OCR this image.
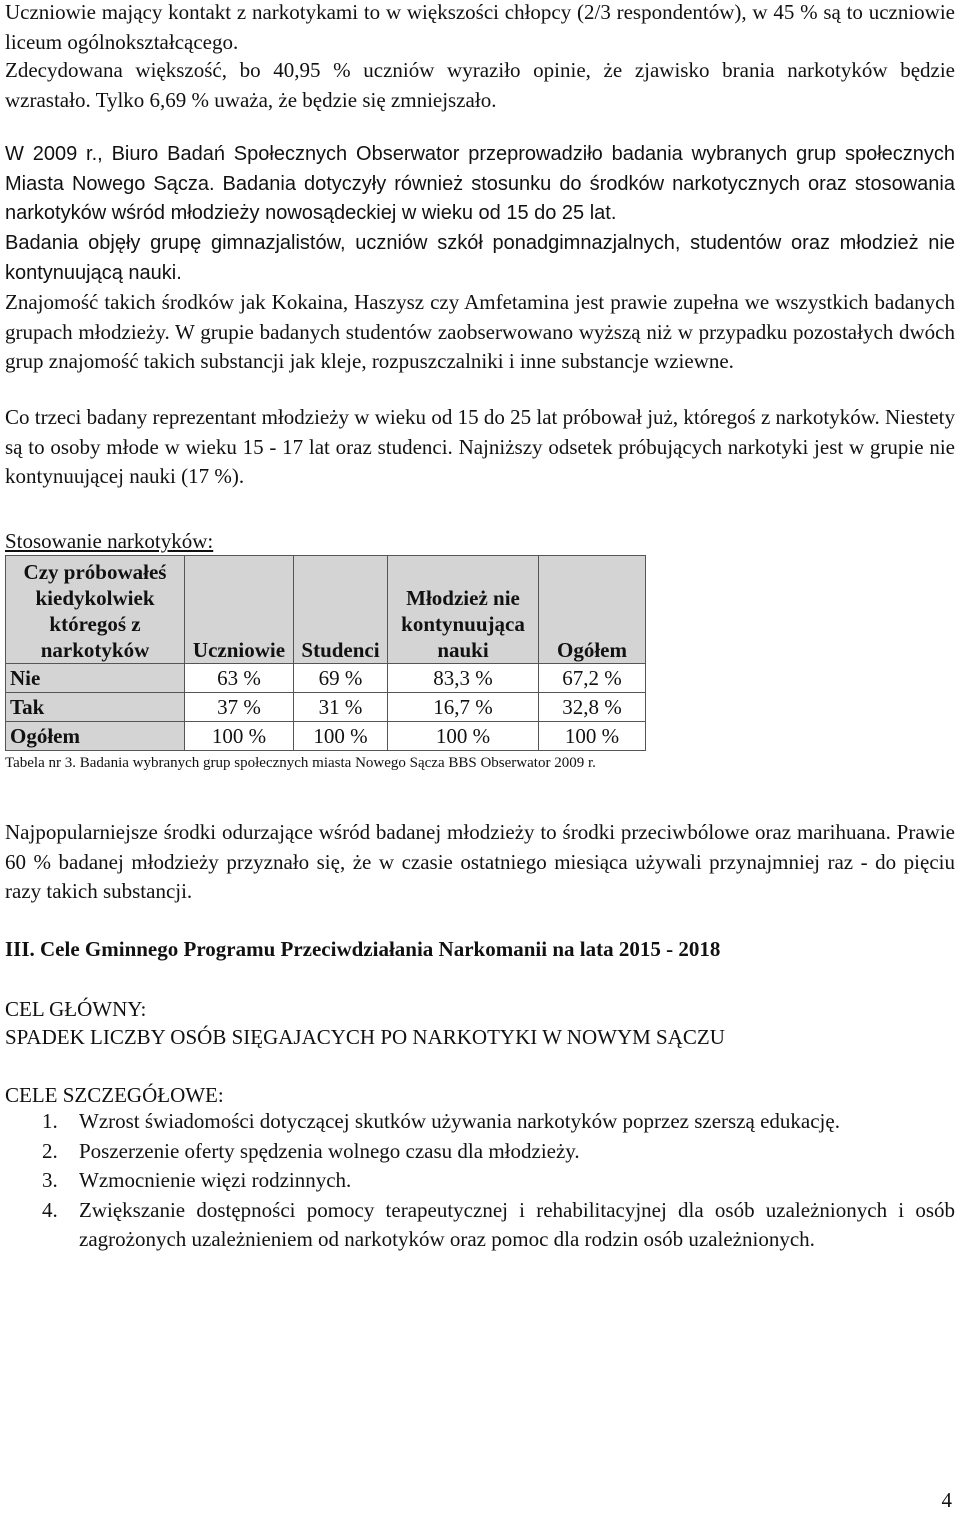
Uczniowie mający kontakt z narkotykami to w większości chłopcy (2/3 respondentów), w 45 % są to uczniowie liceum ogólnokształcącego.

Zdecydowana większość, bo 40,95 % uczniów wyraziło opinie, że zjawisko brania narkotyków będzie wzrastało. Tylko 6,69 % uważa, że będzie się zmniejszało.

W 2009 r., Biuro Badań Społecznych Obserwator przeprowadziło badania wybranych grup społecznych Miasta Nowego Sącza. Badania dotyczyły również stosunku do środków narkotycznych oraz stosowania narkotyków wśród młodzieży nowosądeckiej w wieku od 15 do 25 lat.

Badania objęły grupę gimnazjalistów, uczniów szkół ponadgimnazjalnych, studentów oraz młodzież nie kontynuującą nauki.

Znajomość takich środków jak Kokaina, Haszysz czy Amfetamina jest prawie zupełna we wszystkich badanych grupach młodzieży. W grupie badanych studentów zaobserwowano wyższą niż w przypadku pozostałych dwóch grup znajomość takich substancji jak kleje, rozpuszczalniki i inne substancje wziewne.

Co trzeci badany reprezentant młodzieży w wieku od 15 do 25 lat próbował już, któregoś z narkotyków. Niestety są to osoby młode w wieku 15 - 17 lat oraz studenci. Najniższy odsetek próbujących narkotyki jest w grupie nie kontynuującej nauki (17 %).

Stosowanie narkotyków:

Czy próbowałeś kiedykolwiek któregoś z narkotyków	Uczniowie	Studenci	Młodzież nie kontynuująca nauki	Ogółem
Nie	63 %	69 %	83,3 %	67,2 %
Tak	37 %	31 %	16,7 %	32,8 %
Ogółem	100 %	100 %	100 %	100 %
Tabela nr 3. Badania wybranych grup społecznych miasta Nowego Sącza BBS Obserwator 2009 r.

Najpopularniejsze środki odurzające wśród badanej młodzieży to środki przeciwbólowe oraz marihuana. Prawie 60 % badanej młodzieży przyznało się, że w czasie ostatniego miesiąca używali przynajmniej raz - do pięciu razy takich substancji.

III. Cele Gminnego Programu Przeciwdziałania Narkomanii na lata 2015 - 2018

CEL GŁÓWNY:

SPADEK LICZBY OSÓB SIĘGAJACYCH PO NARKOTYKI W NOWYM SĄCZU

CELE SZCZEGÓŁOWE:

1. Wzrost świadomości dotyczącej skutków używania narkotyków poprzez szerszą edukację.
2. Poszerzenie oferty spędzenia wolnego czasu dla młodzieży.
3. Wzmocnienie więzi rodzinnych.
4. Zwiększanie dostępności pomocy terapeutycznej i rehabilitacyjnej dla osób uzależnionych i osób zagrożonych uzależnieniem od narkotyków oraz pomoc dla rodzin osób uzależnionych.
4
